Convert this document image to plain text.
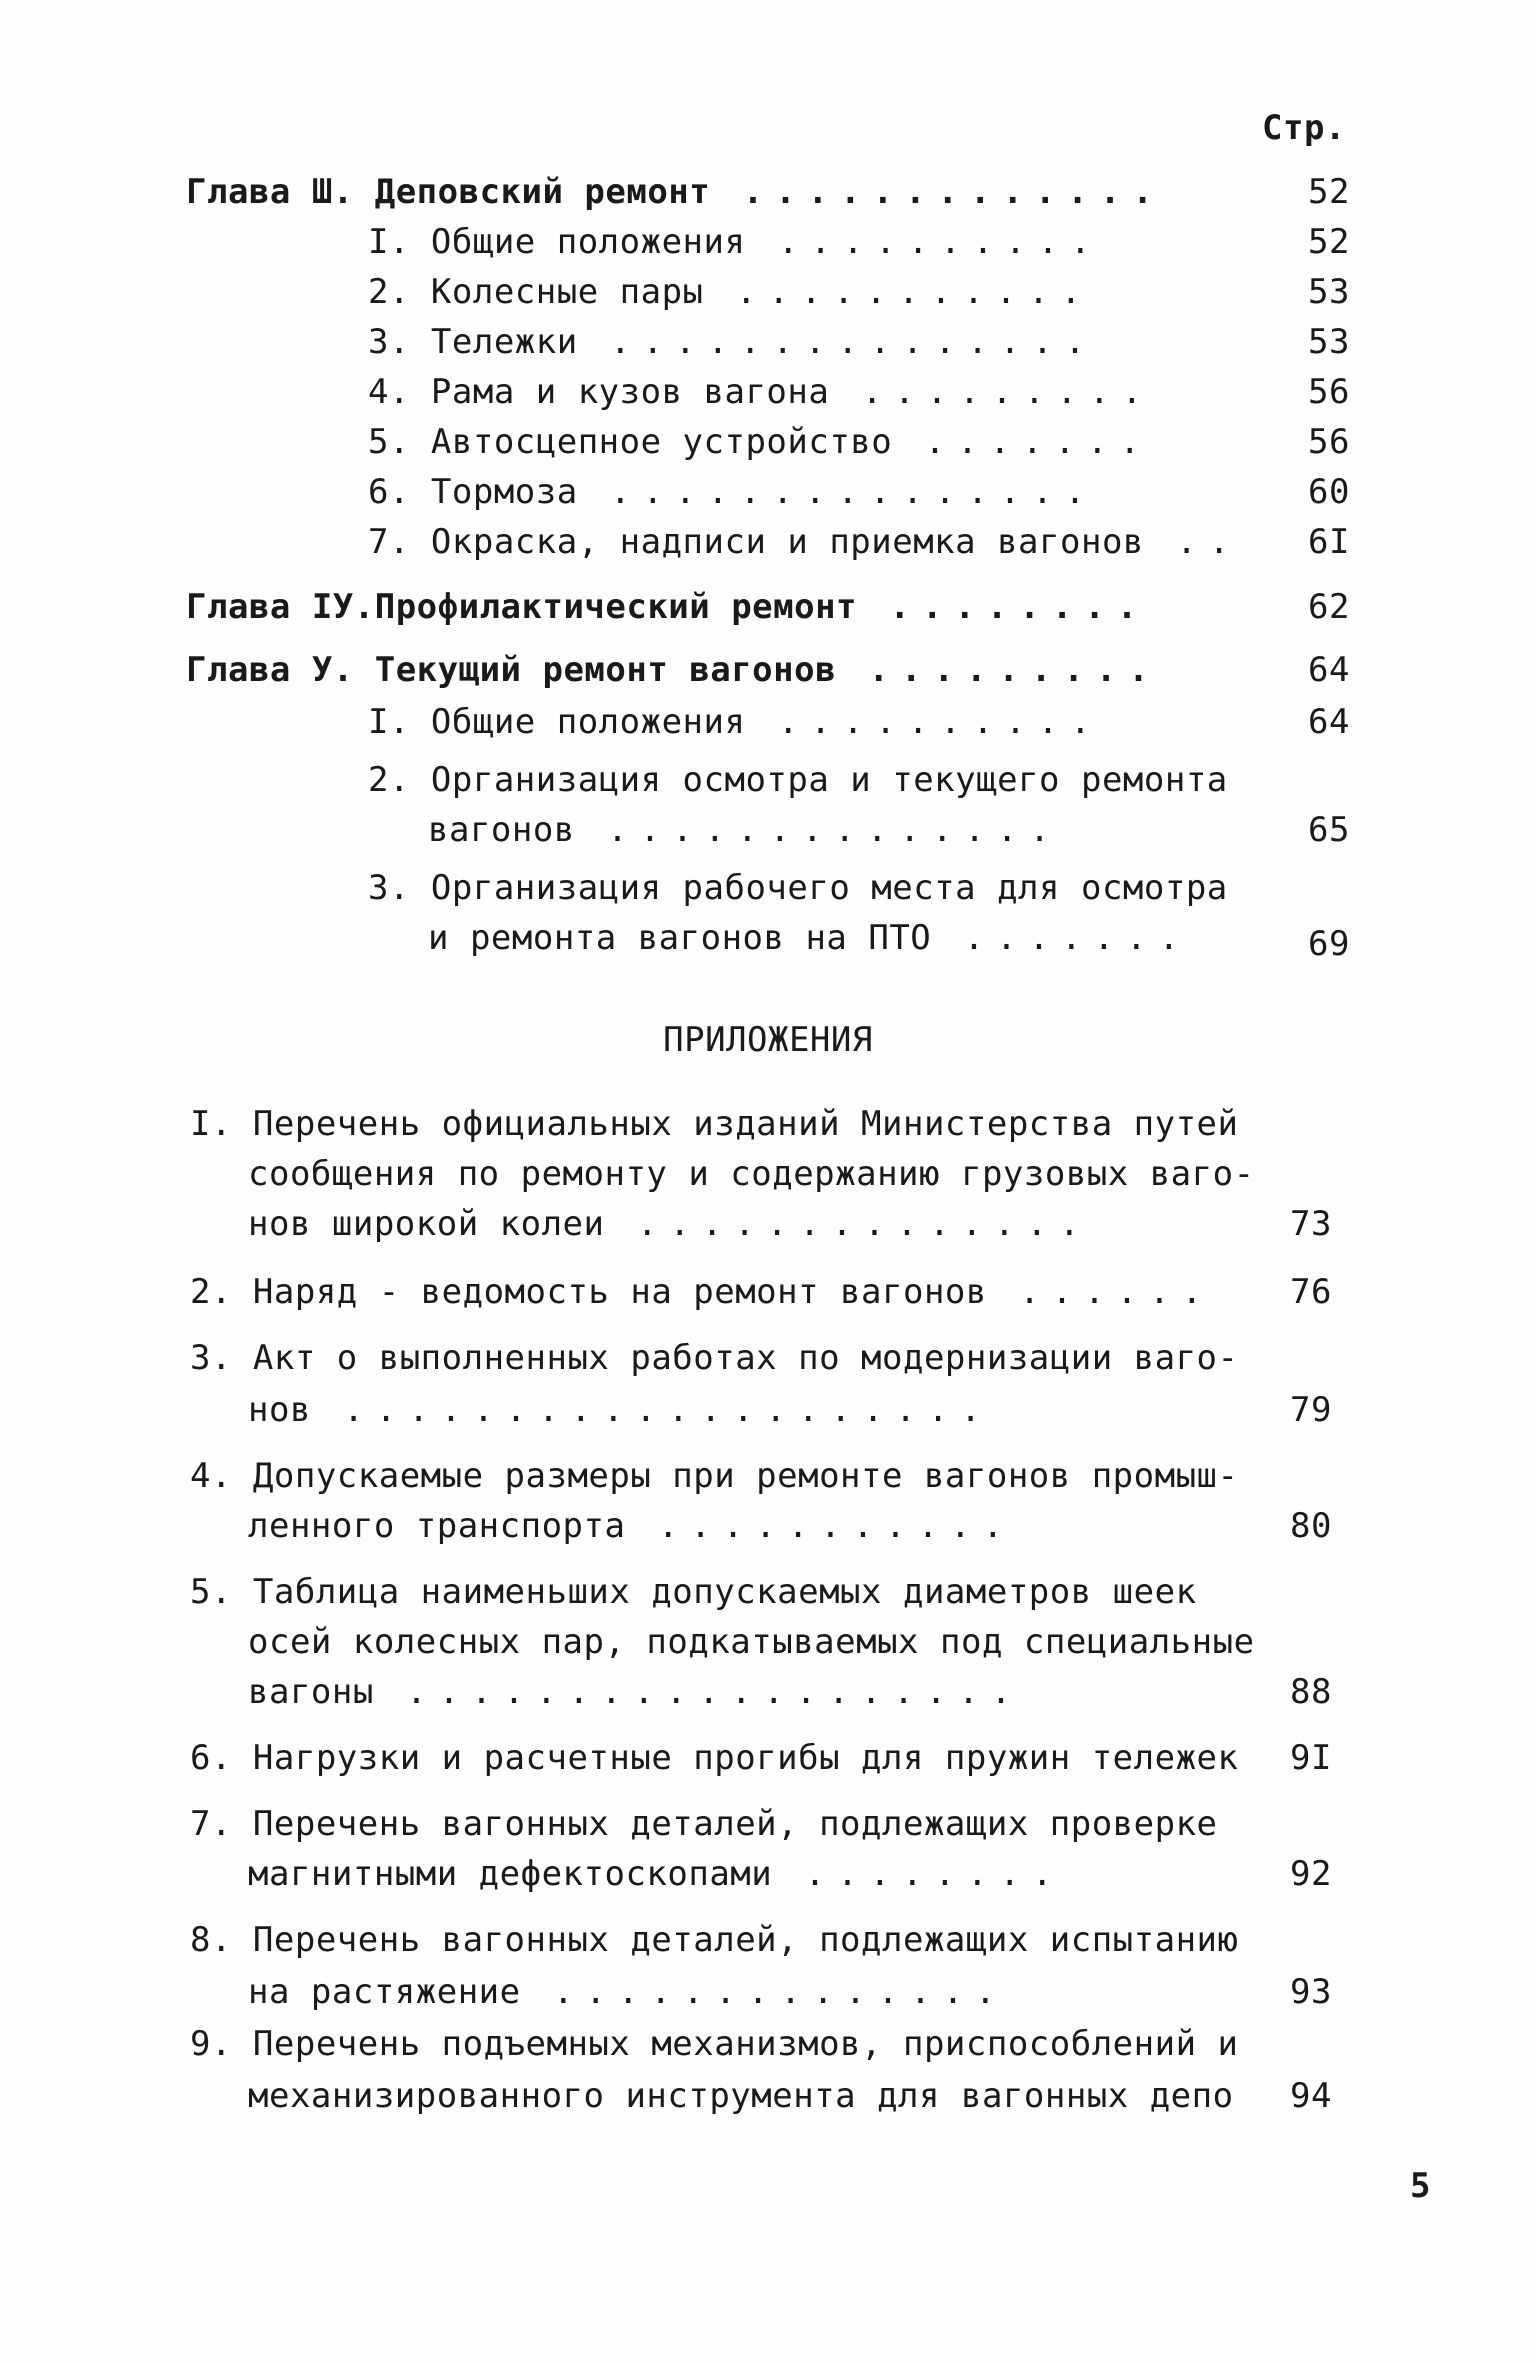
Стр.
Глава Ш. Деповский ремонт .............	52
I. Общие положения ..........	52
2. Колесные пары ...........	53
3. Тележки ...............	53
4. Рама и кузов вагона .........	56
5. Автосцепное устройство .......	56
6. Тормоза ...............	60
7. Окраска, надписи и приемка вагонов ..	6I
Глава IУ.Профилактический ремонт ........	62
Глава У. Текущий ремонт вагонов .........	64
I. Общие положения ..........	64
2. Организация осмотра и текущего ремонта
вагонов ..............	65
3. Организация рабочего места для осмотра
и ремонта вагонов на ПТО .......	69
ПРИЛОЖЕНИЯ
I. Перечень официальных изданий Министерства путей
сообщения по ремонту и содержанию грузовых ваго-
нов широкой колеи ..............	73
2. Наряд - ведомость на ремонт вагонов ......	76
3. Акт о выполненных работах по модернизации ваго-
нов ....................	79
4. Допускаемые размеры при ремонте вагонов промыш-
ленного транспорта ...........	80
5. Таблица наименьших допускаемых диаметров шеек
осей колесных пар, подкатываемых под специальные
вагоны ...................	88
6. Нагрузки и расчетные прогибы для пружин тележек	9I
7. Перечень вагонных деталей, подлежащих проверке
магнитными дефектоскопами ........	92
8. Перечень вагонных деталей, подлежащих испытанию
на растяжение ..............	93
9. Перечень подъемных механизмов, приспособлений и
механизированного инструмента для вагонных депо	94
5
